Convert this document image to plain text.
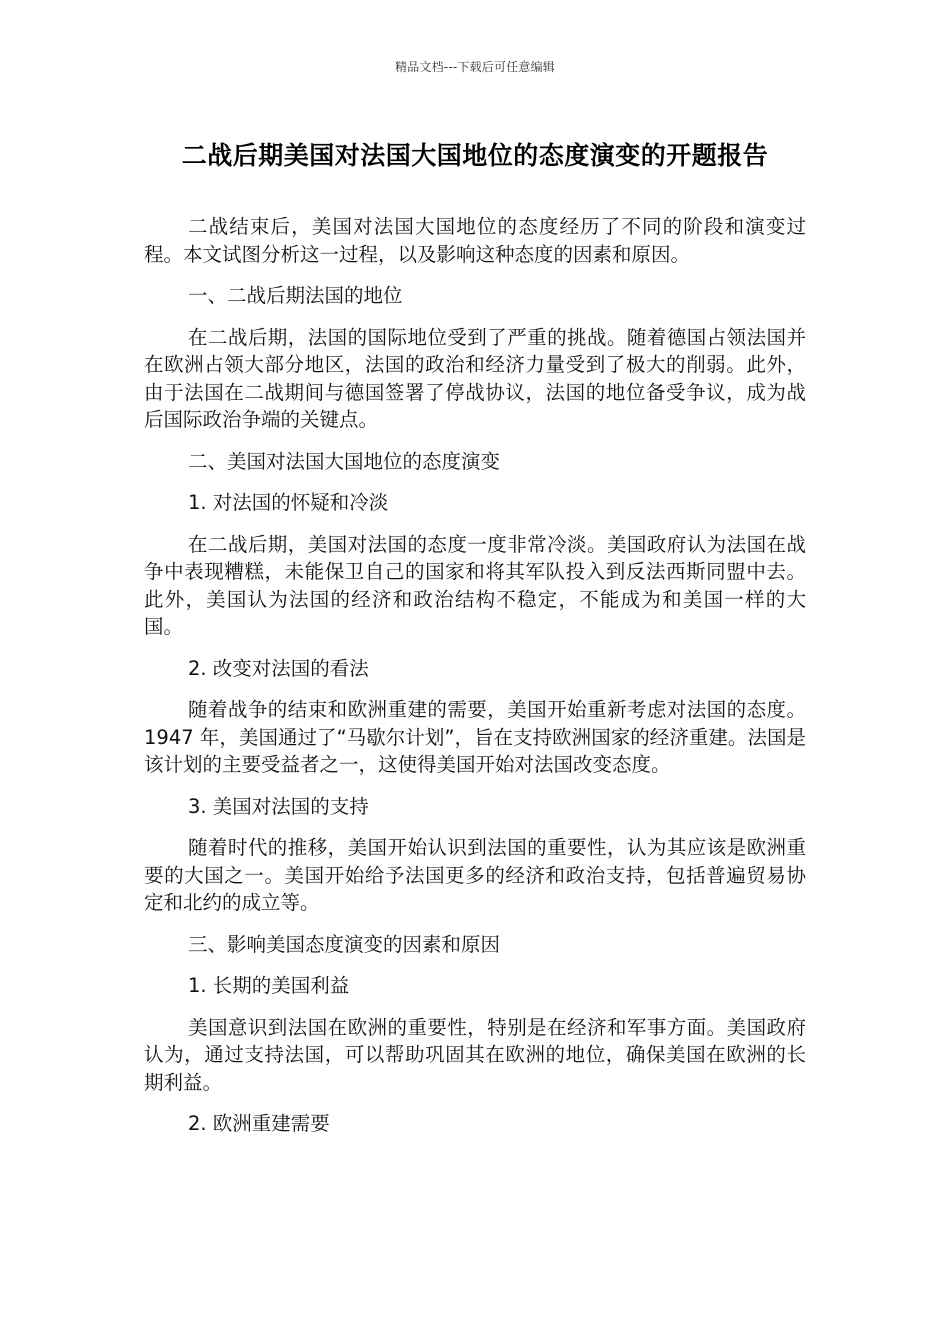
精品文档---下载后可任意编辑
二战后期美国对法国大国地位的态度演变的开题报告

二战结束后，美国对法国大国地位的态度经历了不同的阶段和演变过程。本文试图分析这一过程，以及影响这种态度的因素和原因。

一、二战后期法国的地位

在二战后期，法国的国际地位受到了严重的挑战。随着德国占领法国并在欧洲占领大部分地区，法国的政治和经济力量受到了极大的削弱。此外，由于法国在二战期间与德国签署了停战协议，法国的地位备受争议，成为战后国际政治争端的关键点。

二、美国对法国大国地位的态度演变

1. 对法国的怀疑和冷淡

在二战后期，美国对法国的态度一度非常冷淡。美国政府认为法国在战争中表现糟糕，未能保卫自己的国家和将其军队投入到反法西斯同盟中去。此外，美国认为法国的经济和政治结构不稳定，不能成为和美国一样的大国。

2. 改变对法国的看法

随着战争的结束和欧洲重建的需要，美国开始重新考虑对法国的态度。1947 年，美国通过了“马歇尔计划”，旨在支持欧洲国家的经济重建。法国是该计划的主要受益者之一，这使得美国开始对法国改变态度。

3. 美国对法国的支持

随着时代的推移，美国开始认识到法国的重要性，认为其应该是欧洲重要的大国之一。美国开始给予法国更多的经济和政治支持，包括普遍贸易协定和北约的成立等。

三、影响美国态度演变的因素和原因

1. 长期的美国利益

美国意识到法国在欧洲的重要性，特别是在经济和军事方面。美国政府认为，通过支持法国，可以帮助巩固其在欧洲的地位，确保美国在欧洲的长期利益。

2. 欧洲重建需要
